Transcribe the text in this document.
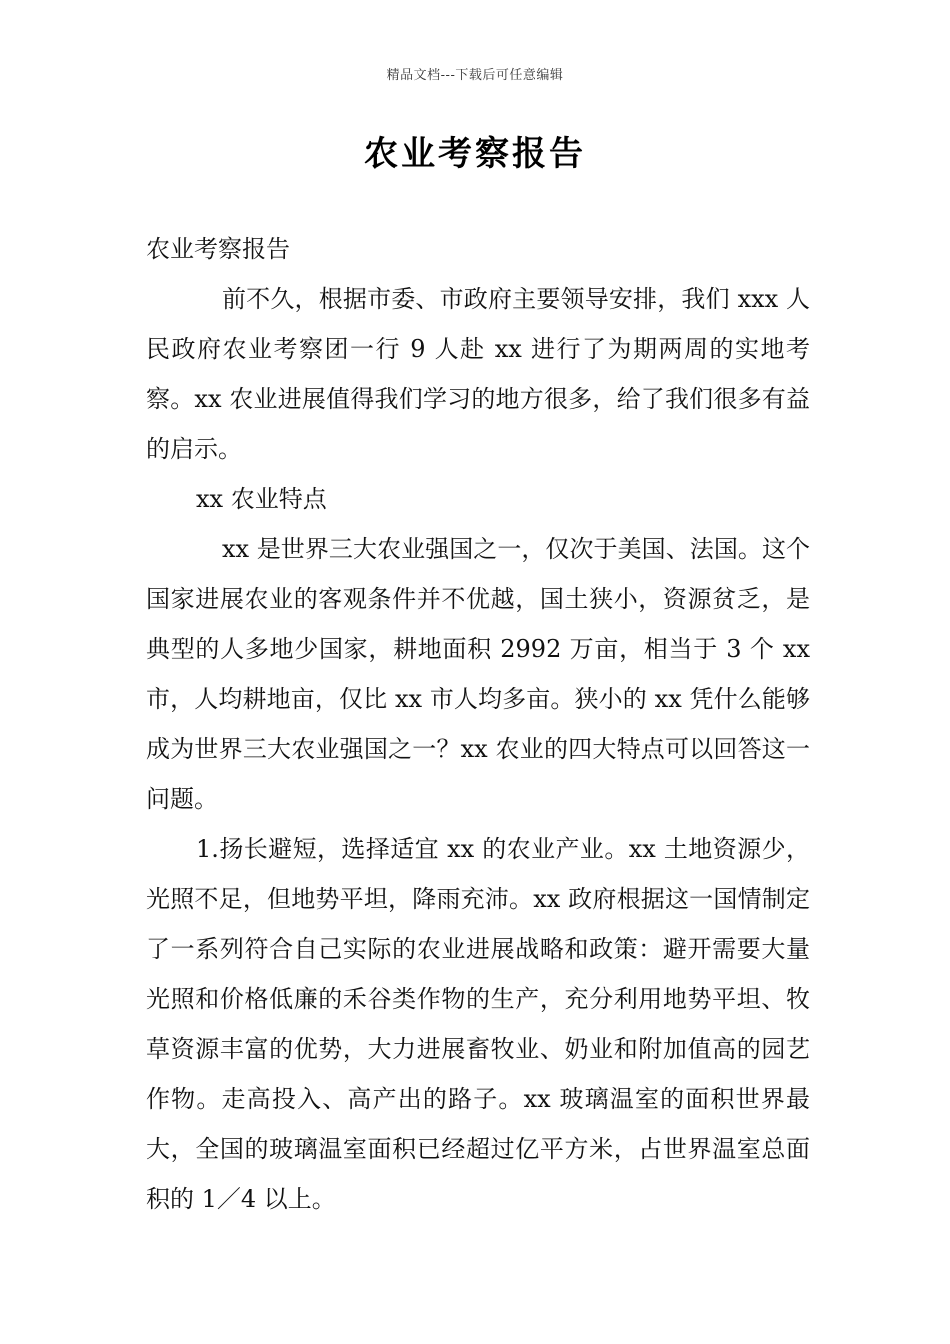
精品文档---下载后可任意编辑
农业考察报告

农业考察报告

前不久，根据市委、市政府主要领导安排，我们 xxx 人民政府农业考察团一行 9 人赴 xx 进行了为期两周的实地考察。xx 农业进展值得我们学习的地方很多，给了我们很多有益的启示。

xx 农业特点

xx 是世界三大农业强国之一，仅次于美国、法国。这个国家进展农业的客观条件并不优越，国土狭小，资源贫乏，是典型的人多地少国家，耕地面积 2992 万亩，相当于 3 个 xx 市，人均耕地亩，仅比 xx 市人均多亩。狭小的 xx 凭什么能够成为世界三大农业强国之一？xx 农业的四大特点可以回答这一问题。

1.扬长避短，选择适宜 xx 的农业产业。xx 土地资源少，光照不足，但地势平坦，降雨充沛。xx 政府根据这一国情制定了一系列符合自己实际的农业进展战略和政策：避开需要大量光照和价格低廉的禾谷类作物的生产，充分利用地势平坦、牧草资源丰富的优势，大力进展畜牧业、奶业和附加值高的园艺作物。走高投入、高产出的路子。xx 玻璃温室的面积世界最大，全国的玻璃温室面积已经超过亿平方米，占世界温室总面积的 1／4 以上。
